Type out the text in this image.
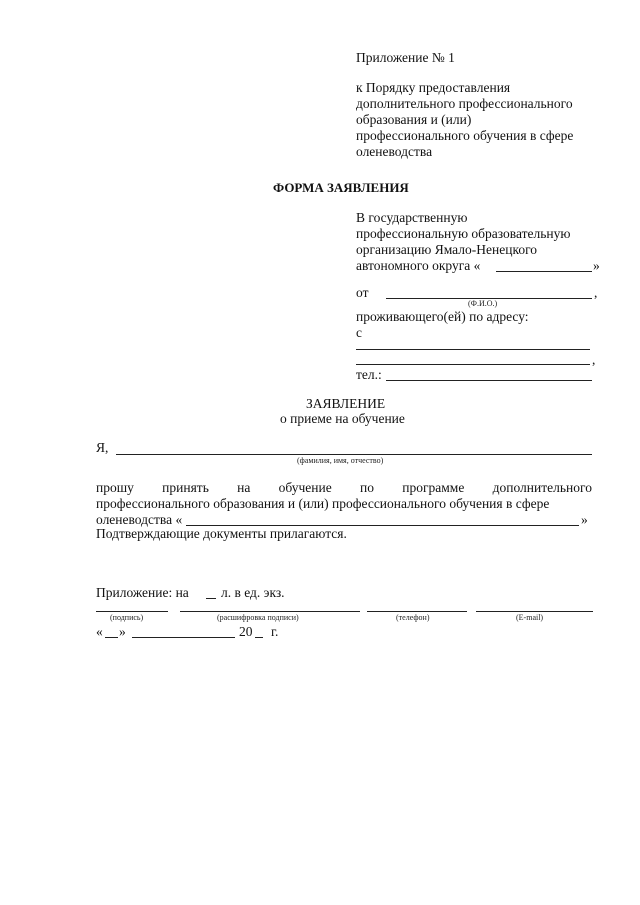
Приложение № 1
к Порядку предоставления
дополнительного профессионального
образования и (или)
профессионального обучения в сфере
оленеводства
ФОРМА ЗАЯВЛЕНИЯ
В государственную
профессиональную образовательную
организацию Ямало-Ненецкого
автономного округа «	»
от	,
(Ф.И.О.)
проживающего(ей) по адресу:
с
,
тел.:
ЗАЯВЛЕНИЕ
о приеме на обучение
Я,
(фамилия, имя, отчество)
прошу принять на обучение по программе дополнительного
профессионального образования и (или) профессионального обучения в сфере
оленеводства «	»
Подтверждающие документы прилагаются.
Приложение: на л. в ед. экз.
(подпись)	(расшифровка подписи)	(телефон)	(E-mail)
« »	20 г.
